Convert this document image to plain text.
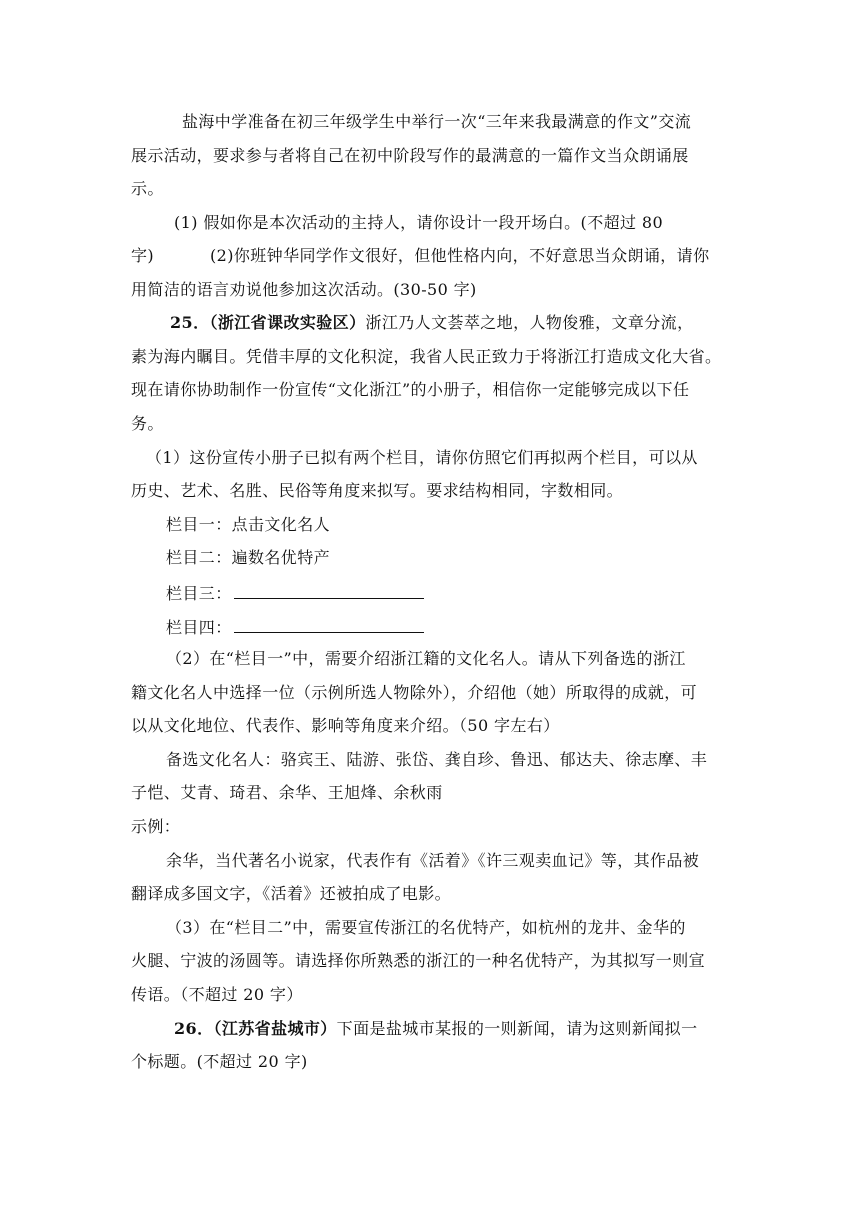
盐海中学准备在初三年级学生中举行一次“三年来我最满意的作文”交流
展示活动，要求参与者将自己在初中阶段写作的最满意的一篇作文当众朗诵展
示。
(1) 假如你是本次活动的主持人，请你设计一段开场白。(不超过 80
字)	(2)你班钟华同学作文很好，但他性格内向，不好意思当众朗诵，请你
用简洁的语言劝说他参加这次活动。(30-50 字)
25．（浙江省课改实验区）浙江乃人文荟萃之地，人物俊雅，文章分流，
素为海内瞩目。凭借丰厚的文化积淀，我省人民正致力于将浙江打造成文化大省。
现在请你协助制作一份宣传“文化浙江”的小册子，相信你一定能够完成以下任
务。
（1）这份宣传小册子已拟有两个栏目，请你仿照它们再拟两个栏目，可以从
历史、艺术、名胜、民俗等角度来拟写。要求结构相同，字数相同。
栏目一：点击文化名人
栏目二：遍数名优特产
栏目三：
栏目四：
（2）在“栏目一”中，需要介绍浙江籍的文化名人。请从下列备选的浙江
籍文化名人中选择一位（示例所选人物除外），介绍他（她）所取得的成就，可
以从文化地位、代表作、影响等角度来介绍。（50 字左右）
备选文化名人：骆宾王、陆游、张岱、龚自珍、鲁迅、郁达夫、徐志摩、丰
子恺、艾青、琦君、余华、王旭烽、余秋雨
示例：
余华，当代著名小说家，代表作有《活着》《许三观卖血记》等，其作品被
翻译成多国文字，《活着》还被拍成了电影。
（3）在“栏目二”中，需要宣传浙江的名优特产，如杭州的龙井、金华的
火腿、宁波的汤圆等。请选择你所熟悉的浙江的一种名优特产，为其拟写一则宣
传语。（不超过 20 字）
26．（江苏省盐城市）下面是盐城市某报的一则新闻，请为这则新闻拟一
个标题。(不超过 20 字)
